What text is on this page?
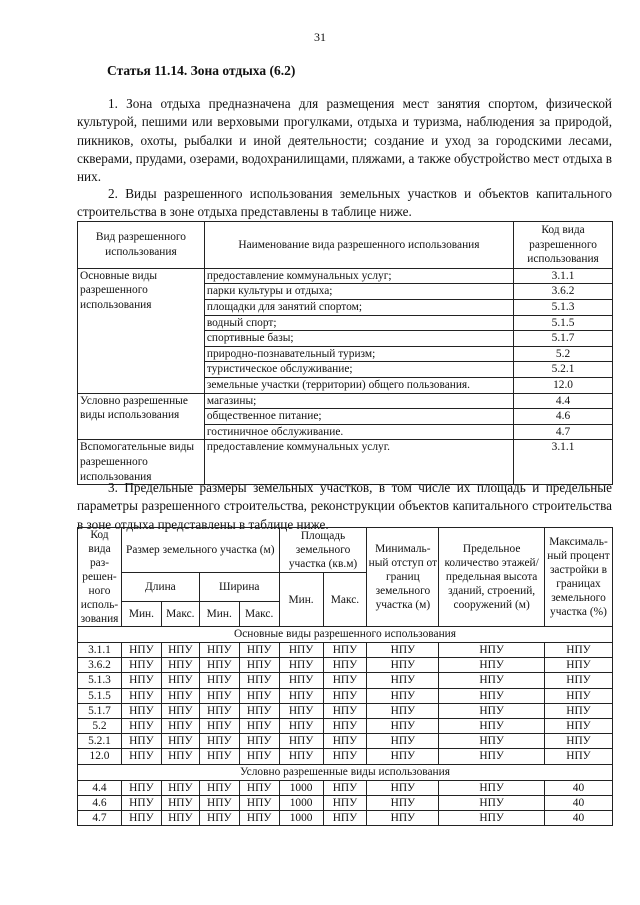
31
Статья 11.14. Зона отдыха (6.2)

1. Зона отдыха предназначена для размещения мест занятия спортом, физической культурой, пешими или верховыми прогулками, отдыха и туризма, наблюдения за природой, пикников, охоты, рыбалки и иной деятельности; создание и уход за городскими лесами, скверами, прудами, озерами, водохранилищами, пляжами, а также обустройство мест отдыха в них.

2. Виды разрешенного использования земельных участков и объектов капитального строительства в зоне отдыха представлены в таблице ниже.

Вид разрешенного использования	Наименование вида разрешенного использования	Код вида разрешенного использования
Основные виды разрешенного использования	предоставление коммунальных услуг;	3.1.1
	парки культуры и отдыха;	3.6.2
	площадки для занятий спортом;	5.1.3
	водный спорт;	5.1.5
	спортивные базы;	5.1.7
	природно-познавательный туризм;	5.2
	туристическое обслуживание;	5.2.1
	земельные участки (территории) общего пользования.	12.0
Условно разрешенные виды использования	магазины;	4.4
	общественное питание;	4.6
	гостиничное обслуживание.	4.7
Вспомогательные виды разрешенного использования	предоставление коммунальных услуг.	3.1.1

3. Предельные размеры земельных участков, в том числе их площадь и предельные параметры разрешенного строительства, реконструкции объектов капитального строительства в зоне отдыха представлены в таблице ниже.

Код вида раз-решен-ного исполь-зования	Размер земельного участка (м)				Площадь земельного участка (кв.м)		Минималь-ный отступ от границ земельного участка (м)	Предельное количество этажей/ предельная высота зданий, строений, сооружений (м)	Максималь-ный процент застройки в границах земельного участка (%)
	Длина		Ширина		Мин.	Макс.			
	Мин.	Макс.	Мин.	Макс.					
Основные виды разрешенного использования									
3.1.1	НПУ	НПУ	НПУ	НПУ	НПУ	НПУ	НПУ	НПУ	НПУ
3.6.2	НПУ	НПУ	НПУ	НПУ	НПУ	НПУ	НПУ	НПУ	НПУ
5.1.3	НПУ	НПУ	НПУ	НПУ	НПУ	НПУ	НПУ	НПУ	НПУ
5.1.5	НПУ	НПУ	НПУ	НПУ	НПУ	НПУ	НПУ	НПУ	НПУ
5.1.7	НПУ	НПУ	НПУ	НПУ	НПУ	НПУ	НПУ	НПУ	НПУ
5.2	НПУ	НПУ	НПУ	НПУ	НПУ	НПУ	НПУ	НПУ	НПУ
5.2.1	НПУ	НПУ	НПУ	НПУ	НПУ	НПУ	НПУ	НПУ	НПУ
12.0	НПУ	НПУ	НПУ	НПУ	НПУ	НПУ	НПУ	НПУ	НПУ
Условно разрешенные виды использования									
4.4	НПУ	НПУ	НПУ	НПУ	1000	НПУ	НПУ	НПУ	40
4.6	НПУ	НПУ	НПУ	НПУ	1000	НПУ	НПУ	НПУ	40
4.7	НПУ	НПУ	НПУ	НПУ	1000	НПУ	НПУ	НПУ	40
